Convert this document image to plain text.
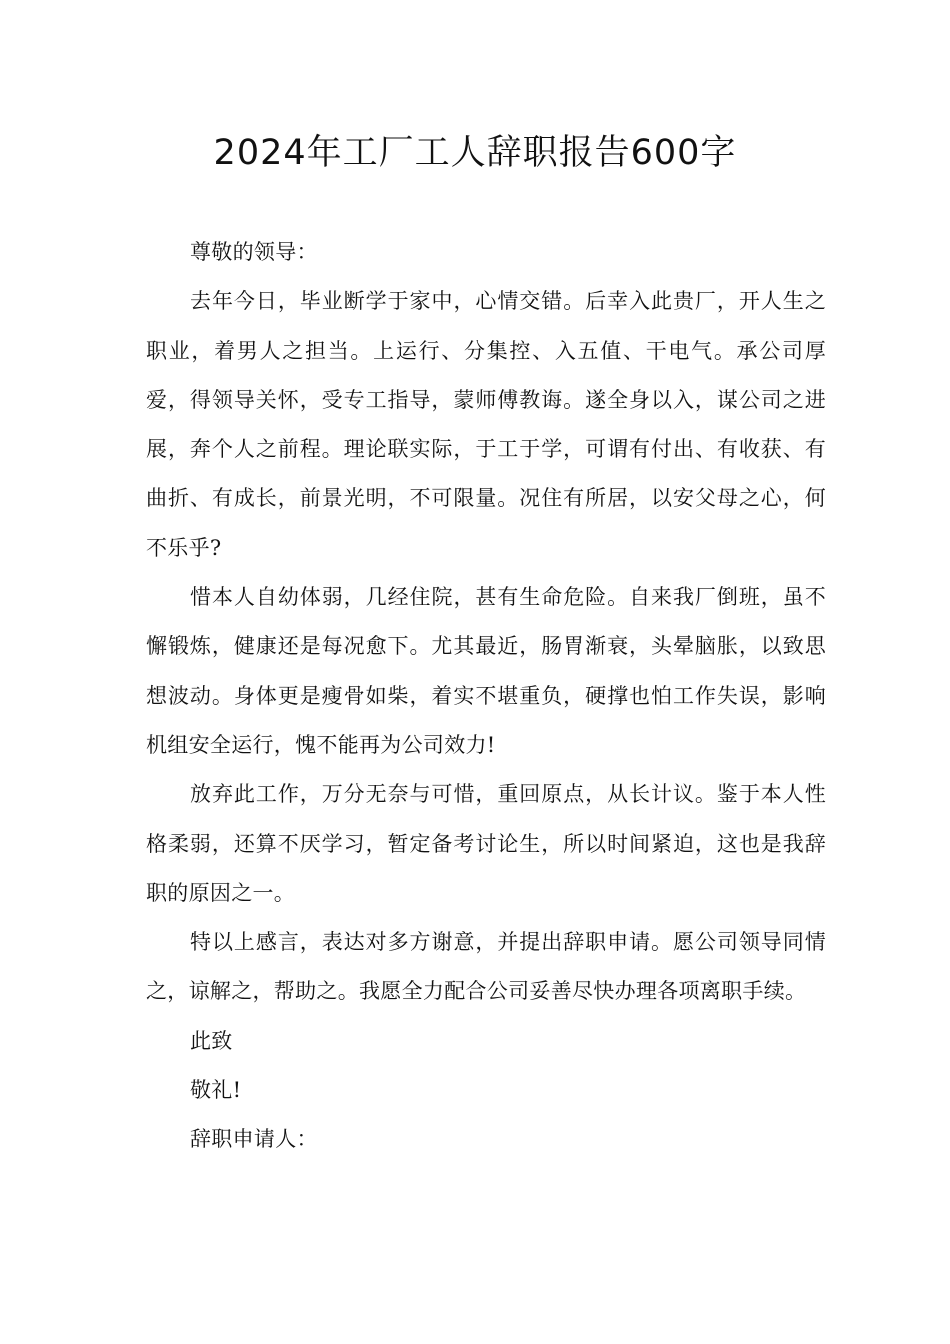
2024年工厂工人辞职报告600字

尊敬的领导：

去年今日，毕业断学于家中，心情交错。后幸入此贵厂，开人生之职业，着男人之担当。上运行、分集控、入五值、干电气。承公司厚爱，得领导关怀，受专工指导，蒙师傅教诲。遂全身以入，谋公司之进展，奔个人之前程。理论联实际，于工于学，可谓有付出、有收获、有曲折、有成长，前景光明，不可限量。况住有所居，以安父母之心，何不乐乎?

惜本人自幼体弱，几经住院，甚有生命危险。自来我厂倒班，虽不懈锻炼，健康还是每况愈下。尤其最近，肠胃渐衰，头晕脑胀，以致思想波动。身体更是瘦骨如柴，着实不堪重负，硬撑也怕工作失误，影响机组安全运行，愧不能再为公司效力!

放弃此工作，万分无奈与可惜，重回原点，从长计议。鉴于本人性格柔弱，还算不厌学习，暂定备考讨论生，所以时间紧迫，这也是我辞职的原因之一。

特以上感言，表达对多方谢意，并提出辞职申请。愿公司领导同情之，谅解之，帮助之。我愿全力配合公司妥善尽快办理各项离职手续。

此致

敬礼!

辞职申请人：
